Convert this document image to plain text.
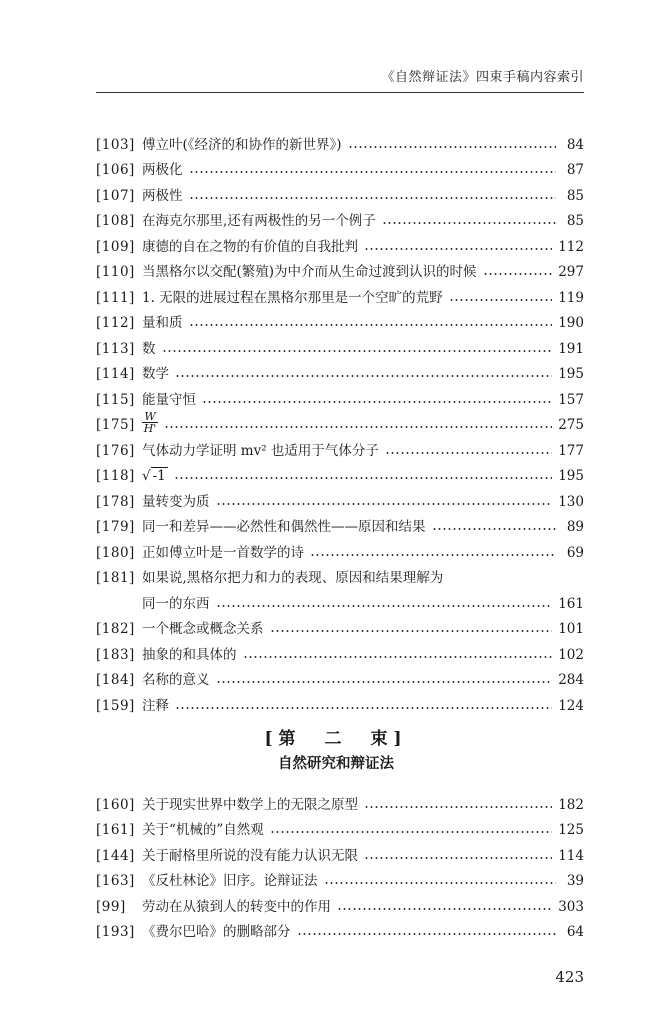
《自然辩证法》四束手稿内容索引
[103] 傅立叶(《经济的和协作的新世界》)	84
[106] 两极化	87
[107] 两极性	85
[108] 在海克尔那里,还有两极性的另一个例子	85
[109] 康德的自在之物的有价值的自我批判	112
[110] 当黑格尔以交配(繁殖)为中介而从生命过渡到认识的时候	297
[111] 1. 无限的进展过程在黑格尔那里是一个空旷的荒野	119
[112] 量和质	190
[113] 数	191
[114] 数学	195
[115] 能量守恒	157
$[175] \frac{W}{H'}$	275
[176] 气体动力学证明 mv² 也适用于气体分子	177
[118] √ -1	195
[178] 量转变为质	130
[179] 同一和差异——必然性和偶然性——原因和结果	89
[180] 正如傅立叶是一首数学的诗	69
[181] 如果说,黑格尔把力和力的表现、原因和结果理解为
同一的东西	161
[182] 一个概念或概念关系	101
[183] 抽象的和具体的	102
[184] 名称的意义	284
[159] 注释	124
[第　二　束]
自然研究和辩证法
[160] 关于现实世界中数学上的无限之原型	182
[161] 关于“机械的”自然观	125
[144] 关于耐格里所说的没有能力认识无限	114
[163] 《反杜林论》旧序。论辩证法	39
[99]	劳动在从猿到人的转变中的作用	303
[193] 《费尔巴哈》的删略部分	64
423
